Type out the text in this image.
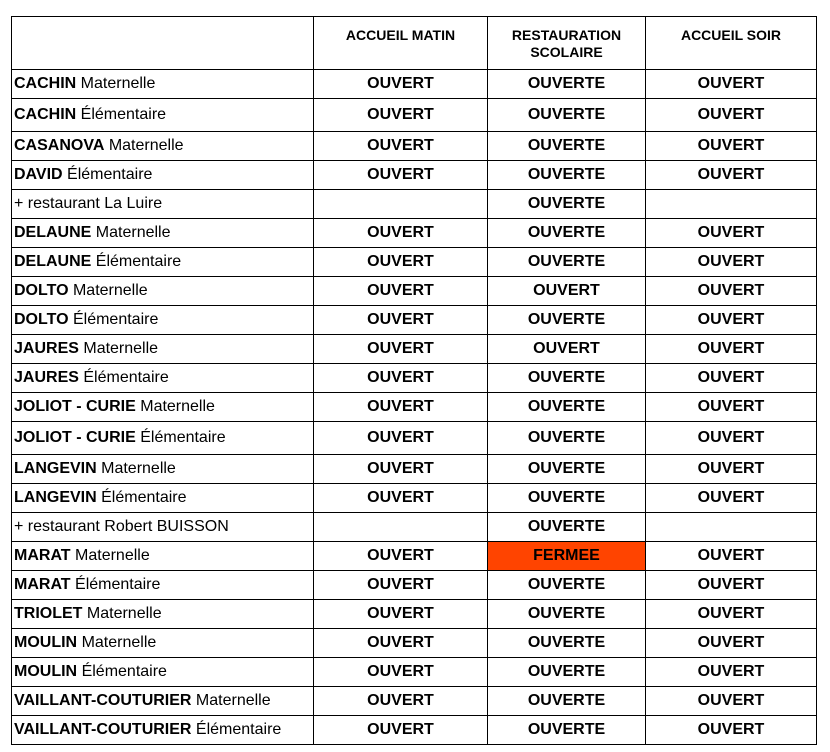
	ACCUEIL MATIN	RESTAURATION SCOLAIRE	ACCUEIL SOIR

CACHIN Maternelle	OUVERT	OUVERTE	OUVERT
CACHIN Élémentaire	OUVERT	OUVERTE	OUVERT
CASANOVA Maternelle	OUVERT	OUVERTE	OUVERT
DAVID Élémentaire	OUVERT	OUVERTE	OUVERT
+ restaurant La Luire		OUVERTE	
DELAUNE Maternelle	OUVERT	OUVERTE	OUVERT
DELAUNE Élémentaire	OUVERT	OUVERTE	OUVERT
DOLTO Maternelle	OUVERT	OUVERT	OUVERT
DOLTO Élémentaire	OUVERT	OUVERTE	OUVERT
JAURES Maternelle	OUVERT	OUVERT	OUVERT
JAURES Élémentaire	OUVERT	OUVERTE	OUVERT
JOLIOT - CURIE Maternelle	OUVERT	OUVERTE	OUVERT
JOLIOT - CURIE Élémentaire	OUVERT	OUVERTE	OUVERT
LANGEVIN Maternelle	OUVERT	OUVERTE	OUVERT
LANGEVIN Élémentaire	OUVERT	OUVERTE	OUVERT
+ restaurant Robert BUISSON		OUVERTE	
MARAT Maternelle	OUVERT	FERMEE	OUVERT
MARAT Élémentaire	OUVERT	OUVERTE	OUVERT
TRIOLET Maternelle	OUVERT	OUVERTE	OUVERT
MOULIN Maternelle	OUVERT	OUVERTE	OUVERT
MOULIN Élémentaire	OUVERT	OUVERTE	OUVERT
VAILLANT-COUTURIER Maternelle	OUVERT	OUVERTE	OUVERT
VAILLANT-COUTURIER Élémentaire	OUVERT	OUVERTE	OUVERT
